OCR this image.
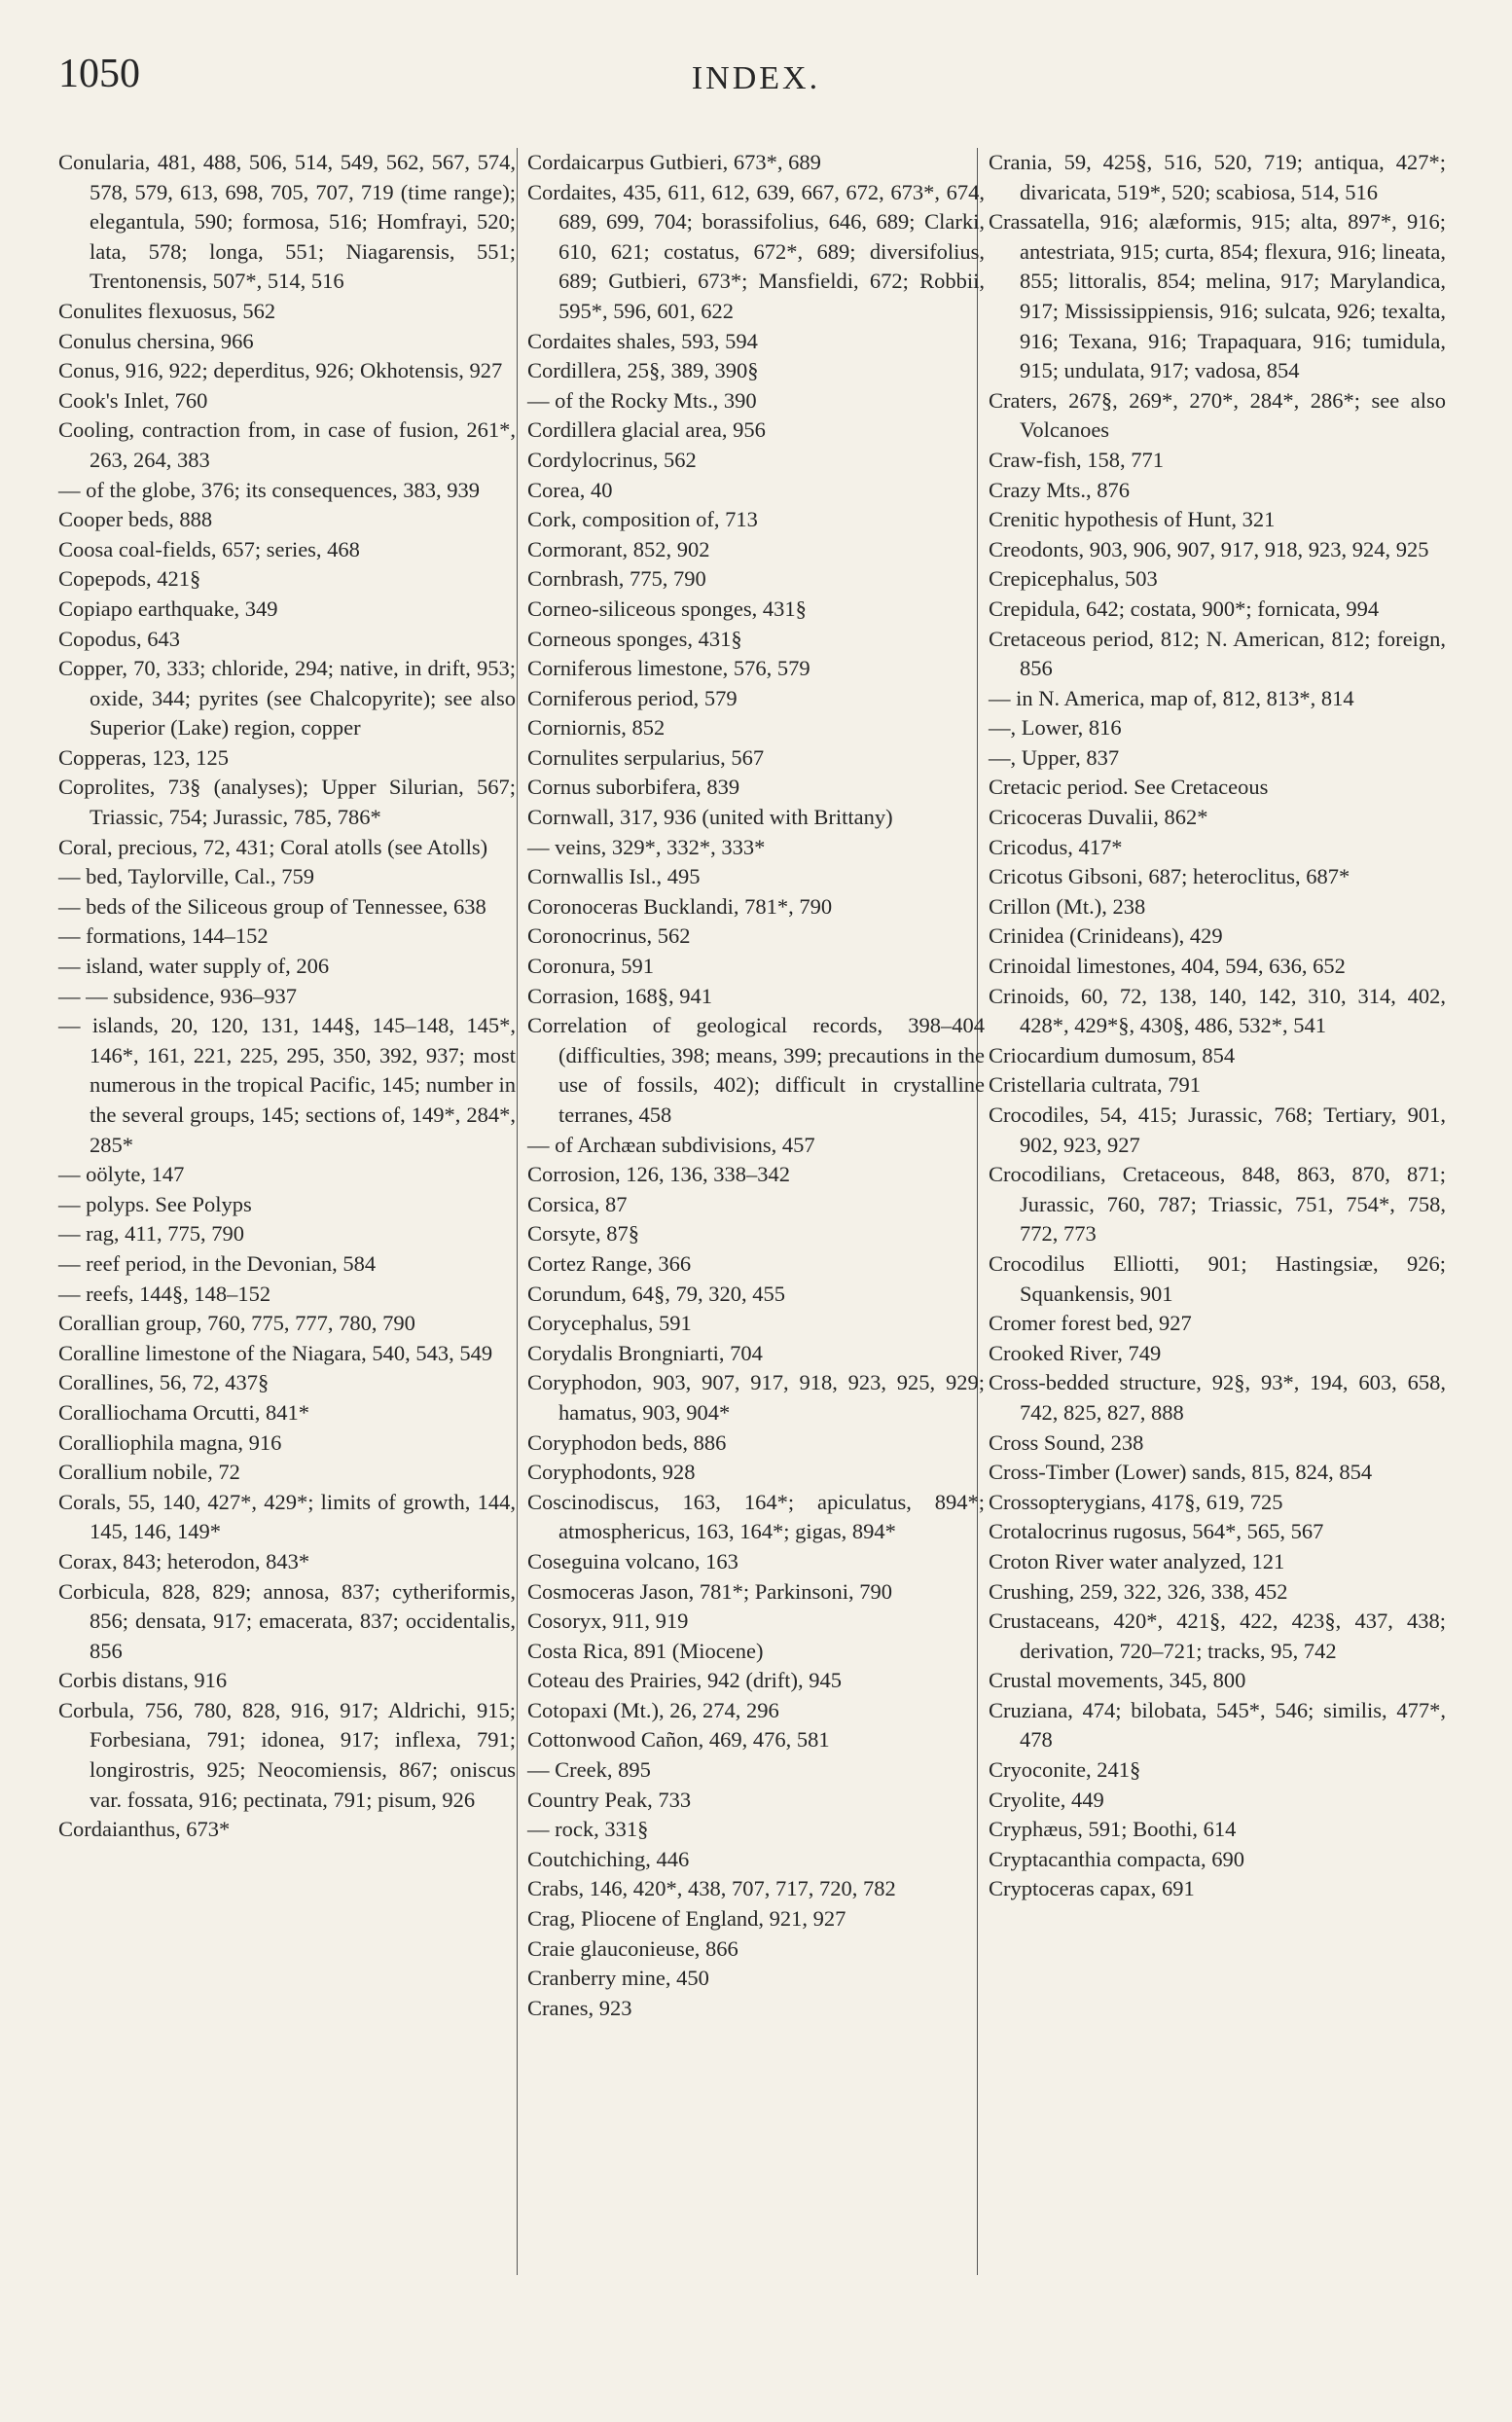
1050	INDEX.
Conularia, 481, 488, 506, 514, 549, 562, 567, 574, 578, 579, 613, 698, 705, 707, 719 (time range); elegantula, 590; formosa, 516; Homfrayi, 520; lata, 578; longa, 551; Niagarensis, 551; Trentonensis, 507*, 514, 516
Conulites flexuosus, 562
Conulus chersina, 966
Conus, 916, 922; deperditus, 926; Okhotensis, 927
Cook's Inlet, 760
Cooling, contraction from, in case of fusion, 261*, 263, 264, 383
— of the globe, 376; its consequences, 383, 939
Cooper beds, 888
Coosa coal-fields, 657; series, 468
Copepods, 421§
Copiapo earthquake, 349
Copodus, 643
Copper, 70, 333; chloride, 294; native, in drift, 953; oxide, 344; pyrites (see Chalcopyrite); see also Superior (Lake) region, copper
Copperas, 123, 125
Coprolites, 73§ (analyses); Upper Silurian, 567; Triassic, 754; Jurassic, 785, 786*
Coral, precious, 72, 431; Coral atolls (see Atolls)
— bed, Taylorville, Cal., 759
— beds of the Siliceous group of Tennessee, 638
— formations, 144–152
— island, water supply of, 206
— — subsidence, 936–937
— islands, 20, 120, 131, 144§, 145–148, 145*, 146*, 161, 221, 225, 295, 350, 392, 937; most numerous in the tropical Pacific, 145; number in the several groups, 145; sections of, 149*, 284*, 285*
— oölyte, 147
— polyps. See Polyps
— rag, 411, 775, 790
— reef period, in the Devonian, 584
— reefs, 144§, 148–152
Corallian group, 760, 775, 777, 780, 790
Coralline limestone of the Niagara, 540, 543, 549
Corallines, 56, 72, 437§
Coralliochama Orcutti, 841*
Coralliophila magna, 916
Corallium nobile, 72
Corals, 55, 140, 427*, 429*; limits of growth, 144, 145, 146, 149*
Corax, 843; heterodon, 843*
Corbicula, 828, 829; annosa, 837; cytheriformis, 856; densata, 917; emacerata, 837; occidentalis, 856
Corbis distans, 916
Corbula, 756, 780, 828, 916, 917; Aldrichi, 915; Forbesiana, 791; idonea, 917; inflexa, 791; longirostris, 925; Neocomiensis, 867; oniscus var. fossata, 916; pectinata, 791; pisum, 926
Cordaianthus, 673*
Cordaicarpus Gutbieri, 673*, 689
Cordaites, 435, 611, 612, 639, 667, 672, 673*, 674, 689, 699, 704; borassifolius, 646, 689; Clarki, 610, 621; costatus, 672*, 689; diversifolius, 689; Gutbieri, 673*; Mansfieldi, 672; Robbii, 595*, 596, 601, 622
Cordaites shales, 593, 594
Cordillera, 25§, 389, 390§
— of the Rocky Mts., 390
Cordillera glacial area, 956
Cordylocrinus, 562
Corea, 40
Cork, composition of, 713
Cormorant, 852, 902
Cornbrash, 775, 790
Corneo-siliceous sponges, 431§
Corneous sponges, 431§
Corniferous limestone, 576, 579
Corniferous period, 579
Corniornis, 852
Cornulites serpularius, 567
Cornus suborbifera, 839
Cornwall, 317, 936 (united with Brittany)
— veins, 329*, 332*, 333*
Cornwallis Isl., 495
Coronoceras Bucklandi, 781*, 790
Coronocrinus, 562
Coronura, 591
Corrasion, 168§, 941
Correlation of geological records, 398–404 (difficulties, 398; means, 399; precautions in the use of fossils, 402); difficult in crystalline terranes, 458
— of Archæan subdivisions, 457
Corrosion, 126, 136, 338–342
Corsica, 87
Corsyte, 87§
Cortez Range, 366
Corundum, 64§, 79, 320, 455
Corycephalus, 591
Corydalis Brongniarti, 704
Coryphodon, 903, 907, 917, 918, 923, 925, 929; hamatus, 903, 904*
Coryphodon beds, 886
Coryphodonts, 928
Coscinodiscus, 163, 164*; apiculatus, 894*; atmosphericus, 163, 164*; gigas, 894*
Coseguina volcano, 163
Cosmoceras Jason, 781*; Parkinsoni, 790
Cosoryx, 911, 919
Costa Rica, 891 (Miocene)
Coteau des Prairies, 942 (drift), 945
Cotopaxi (Mt.), 26, 274, 296
Cottonwood Cañon, 469, 476, 581
— Creek, 895
Country Peak, 733
— rock, 331§
Coutchiching, 446
Crabs, 146, 420*, 438, 707, 717, 720, 782
Crag, Pliocene of England, 921, 927
Craie glauconieuse, 866
Cranberry mine, 450
Cranes, 923
Crania, 59, 425§, 516, 520, 719; antiqua, 427*; divaricata, 519*, 520; scabiosa, 514, 516
Crassatella, 916; alæformis, 915; alta, 897*, 916; antestriata, 915; curta, 854; flexura, 916; lineata, 855; littoralis, 854; melina, 917; Marylandica, 917; Mississippiensis, 916; sulcata, 926; texalta, 916; Texana, 916; Trapaquara, 916; tumidula, 915; undulata, 917; vadosa, 854
Craters, 267§, 269*, 270*, 284*, 286*; see also Volcanoes
Craw-fish, 158, 771
Crazy Mts., 876
Crenitic hypothesis of Hunt, 321
Creodonts, 903, 906, 907, 917, 918, 923, 924, 925
Crepicephalus, 503
Crepidula, 642; costata, 900*; fornicata, 994
Cretaceous period, 812; N. American, 812; foreign, 856
— in N. America, map of, 812, 813*, 814
—, Lower, 816
—, Upper, 837
Cretacic period. See Cretaceous
Cricoceras Duvalii, 862*
Cricodus, 417*
Cricotus Gibsoni, 687; heteroclitus, 687*
Crillon (Mt.), 238
Crinidea (Crinideans), 429
Crinoidal limestones, 404, 594, 636, 652
Crinoids, 60, 72, 138, 140, 142, 310, 314, 402, 428*, 429*§, 430§, 486, 532*, 541
Criocardium dumosum, 854
Cristellaria cultrata, 791
Crocodiles, 54, 415; Jurassic, 768; Tertiary, 901, 902, 923, 927
Crocodilians, Cretaceous, 848, 863, 870, 871; Jurassic, 760, 787; Triassic, 751, 754*, 758, 772, 773
Crocodilus Elliotti, 901; Hastingsiæ, 926; Squankensis, 901
Cromer forest bed, 927
Crooked River, 749
Cross-bedded structure, 92§, 93*, 194, 603, 658, 742, 825, 827, 888
Cross Sound, 238
Cross-Timber (Lower) sands, 815, 824, 854
Crossopterygians, 417§, 619, 725
Crotalocrinus rugosus, 564*, 565, 567
Croton River water analyzed, 121
Crushing, 259, 322, 326, 338, 452
Crustaceans, 420*, 421§, 422, 423§, 437, 438; derivation, 720–721; tracks, 95, 742
Crustal movements, 345, 800
Cruziana, 474; bilobata, 545*, 546; similis, 477*, 478
Cryoconite, 241§
Cryolite, 449
Cryphæus, 591; Boothi, 614
Cryptacanthia compacta, 690
Cryptoceras capax, 691
